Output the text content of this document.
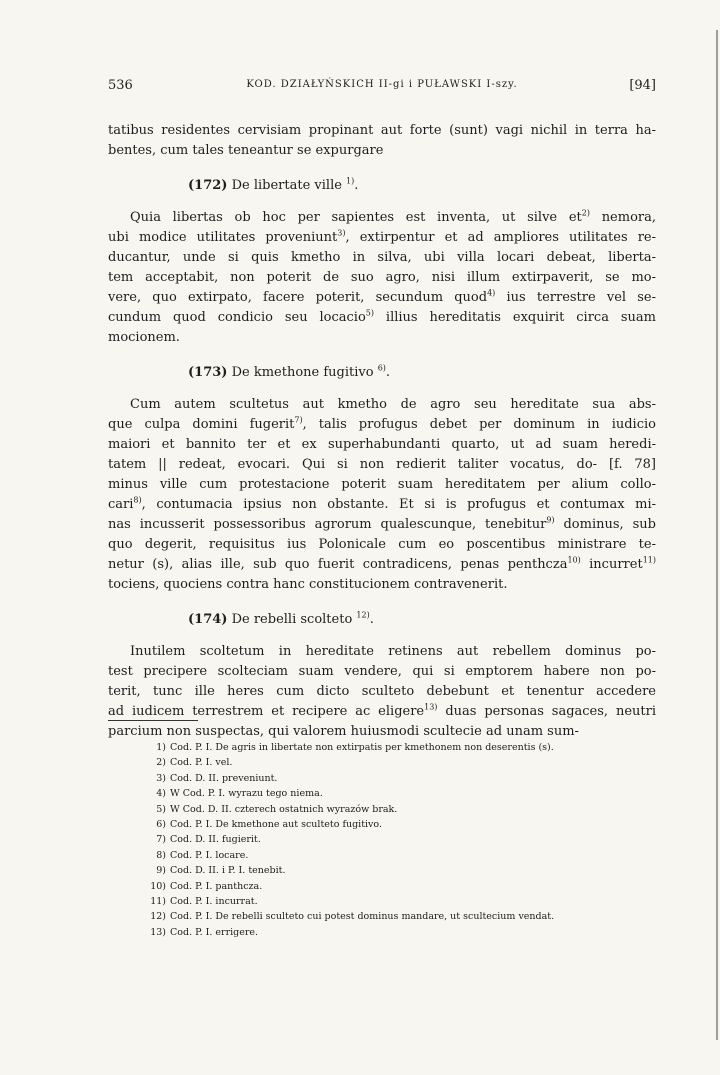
536	KOD. DZIAŁYŃSKICH II-gi i PUŁAWSKI I-szy.	[94]
tatibus residentes cervisiam propinant aut forte (sunt) vagi nichil in terra ha-
bentes, cum tales teneantur se expurgare
(172) De libertate ville $^{1)}$.
Quia libertas ob hoc per sapientes est inventa, ut silve $et^{2)}$ nemora,
ubi modice utilitates proveniunt$^{3)}$, extirpentur et ad ampliores utilitates re-
ducantur, unde si quis kmetho in silva, ubi villa locari debeat, liberta-
tem acceptabit, non poterit de suo agro, nisi illum extirpaverit, se mo-
vere, quo extirpato, facere poterit, secundum quod$^{4)}$ ius terrestre vel se-
cundum quod condicio seu locacio$^{5)}$ illius hereditatis exquirit circa suam
mocionem.
(173) De kmethone fugitivo $^{6)}$.
Cum autem scultetus aut kmetho de agro seu hereditate sua abs-
que culpa domini fugerit$^{7)}$, talis profugus debet per dominum in iudicio
maiori et bannito ter et ex superhabundanti quarto, ut ad suam heredi-
tatem || redeat, evocari. Qui si non redierit taliter vocatus, do- [f. 78]
minus ville cum protestacione poterit suam hereditatem per alium collo-
cari$^{8)}$, contumacia ipsius non obstante. Et si is profugus et contumax mi-
nas incusserit possessoribus agrorum qualescunque, tenebitur$^{9)}$ dominus, sub
quo degerit, requisitus ius Polonicale cum eo poscentibus ministrare te-
netur (s), alias ille, sub quo fuerit contradicens, penas penthcza$^{10)}$ incurret$^{11)}$
tociens, quociens contra hanc constitucionem contravenerit.
(174) De rebelli scolteto $^{12)}$.
Inutilem scoltetum in hereditate retinens aut rebellem dominus po-
test precipere scolteciam suam vendere, qui si emptorem habere non po-
terit, tunc ille heres cum dicto sculteto debebunt et tenentur accedere
ad iudicem terrestrem et recipere ac eligere$^{13)}$ duas personas sagaces, neutri
parcium non suspectas, qui valorem huiusmodi scultecie ad unam sum-
1) Cod. P. I. De agris in libertate non extirpatis per kmethonem non deserentis (s).
2) Cod. P. I. vel.
3) Cod. D. II. preveniunt.
4) W Cod. P. I. wyrazu tego niema.
5) W Cod. D. II. czterech ostatnich wyrazów brak.
6) Cod. P. I. De kmethone aut sculteto fugitivo.
7) Cod. D. II. fugierit.
8) Cod. P. I. locare.
9) Cod. D. II. i P. I. tenebit.
10) Cod. P. I. panthcza.
11) Cod. P. I. incurrat.
12) Cod. P. I. De rebelli sculteto cui potest dominus mandare, ut scultecium vendat.
13) Cod. P. I. errigere.
